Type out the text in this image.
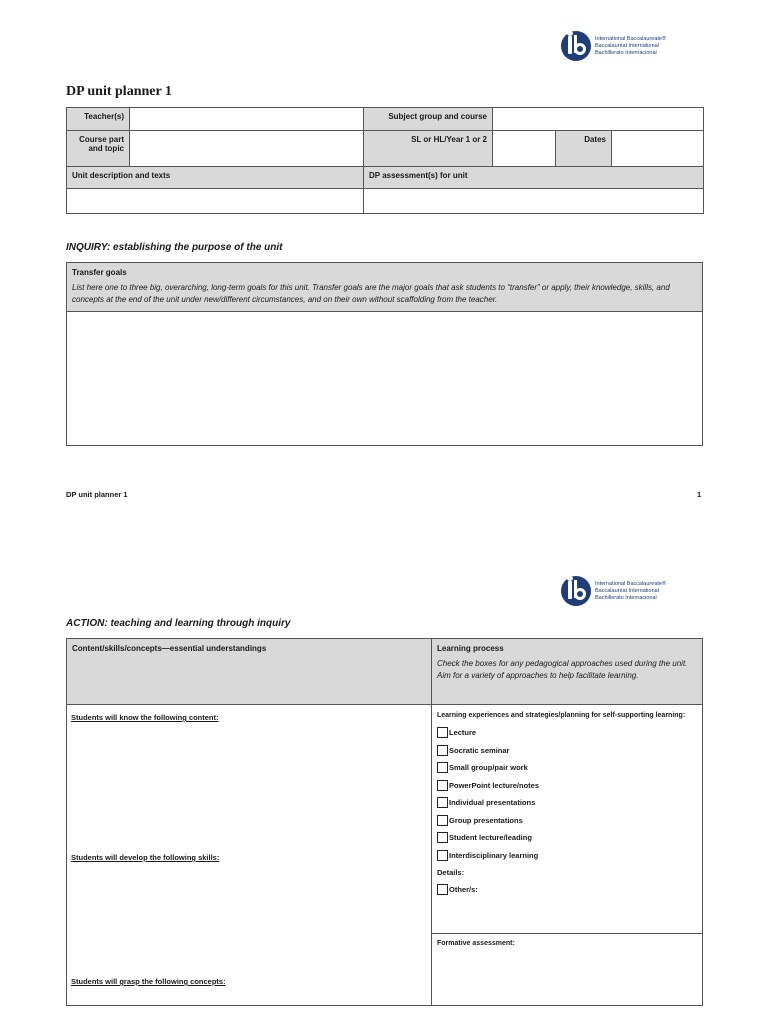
International Baccalaureate®
Baccalauréat International
Bachillerato Internacional
DP unit planner 1
Teacher(s)		Subject group and course			
Course part and topic		SL or HL/Year 1 or 2		Dates	
Unit description and texts		DP assessment(s) for unit			

INQUIRY: establishing the purpose of the unit
Transfer goals
List here one to three big, overarching, long-term goals for this unit. Transfer goals are the major goals that ask students to “transfer” or apply, their knowledge, skills, and concepts at the end of the unit under new/different circumstances, and on their own without scaffolding from the teacher.
DP unit planner 1	1
International Baccalaureate®
Baccalauréat International
Bachillerato Internacional
ACTION: teaching and learning through inquiry
Content/skills/concepts—essential understandings	Learning process
Check the boxes for any pedagogical approaches used during the unit. Aim for a variety of approaches to help facilitate learning.
Students will know the following content:
Students will develop the following skills:
Students will grasp the following concepts:
Learning experiences and strategies/planning for self-supporting learning:
Lecture
Socratic seminar
Small group/pair work
PowerPoint lecture/notes
Individual presentations
Group presentations
Student lecture/leading
Interdisciplinary learning
Details:
Other/s:
Formative assessment:
